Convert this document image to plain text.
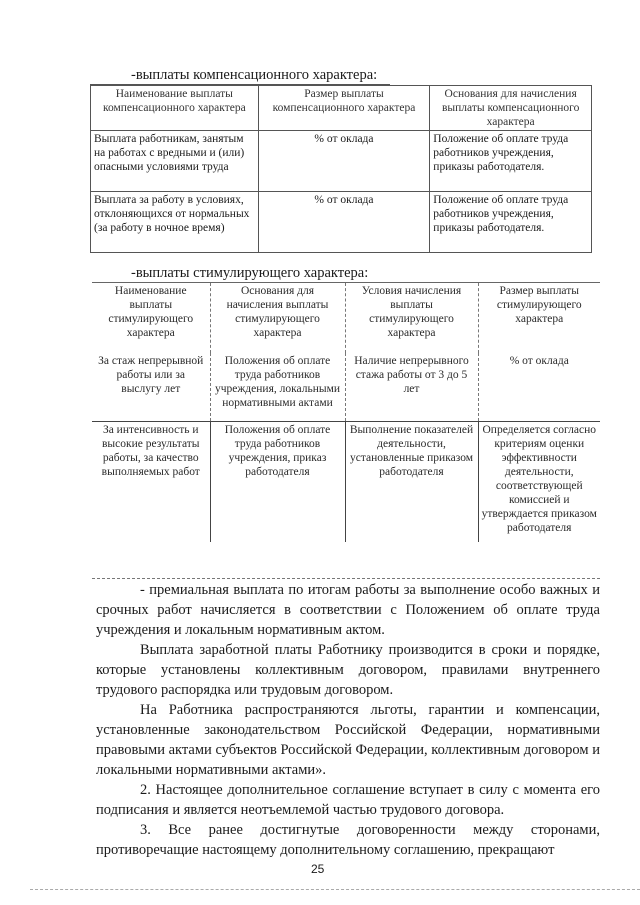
-выплаты компенсационного характера:
Наименование выплаты компенсационного характера	Размер выплаты компенсационного характера	Основания для начисления выплаты компенсационного характера
Выплата работникам, занятым на работах с вредными и (или) опасными условиями труда	% от оклада	Положение об оплате труда работников учреждения, приказы работодателя.
Выплата за работу в условиях, отклоняющихся от нормальных (за работу в ночное время)	% от оклада	Положение об оплате труда работников учреждения, приказы работодателя.
-выплаты стимулирующего характера:
Наименование выплаты стимулирующего характера	Основания для начисления выплаты стимулирующего характера	Условия начисления выплаты стимулирующего характера	Размер выплаты стимулирующего характера
За стаж непрерывной работы или за выслугу лет	Положения об оплате труда работников учреждения, локальными нормативными актами	Наличие непрерывного стажа работы от 3 до 5 лет	% от оклада
За интенсивность и высокие результаты работы, за качество выполняемых работ	Положения об оплате труда работников учреждения, приказ работодателя	Выполнение показателей деятельности, установленные приказом работодателя	Определяется согласно критериям оценки эффективности деятельности, соответствующей комиссией и утверждается приказом работодателя
- премиальная выплата по итогам работы за выполнение особо важных и срочных работ начисляется в соответствии с Положением об оплате труда учреждения и локальным нормативным актом.
Выплата заработной платы Работнику производится в сроки и порядке, которые установлены коллективным договором, правилами внутреннего трудового распорядка или трудовым договором.
На Работника распространяются льготы, гарантии и компенсации, установленные законодательством Российской Федерации, нормативными правовыми актами субъектов Российской Федерации, коллективным договором и локальными нормативными актами».
2. Настоящее дополнительное соглашение вступает в силу с момента его подписания и является неотъемлемой частью трудового договора.
3. Все ранее достигнутые договоренности между сторонами, противоречащие настоящему дополнительному соглашению, прекращают
25
